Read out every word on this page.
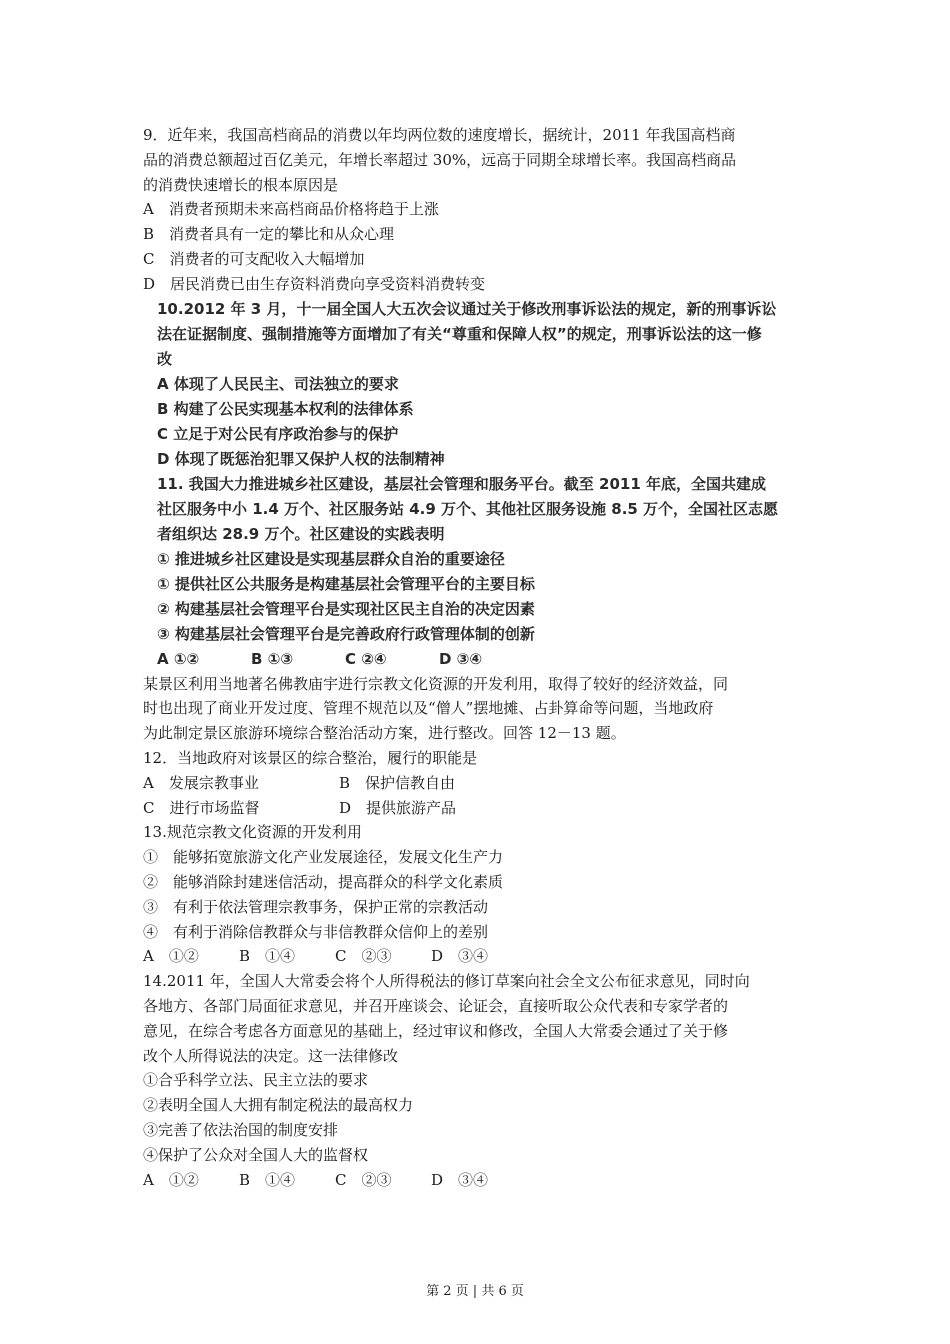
9．近年来，我国高档商品的消费以年均两位数的速度增长，据统计，2011 年我国高档商
品的消费总额超过百亿美元，年增长率超过 30%，远高于同期全球增长率。我国高档商品
的消费快速增长的根本原因是
A　消费者预期未来高档商品价格将趋于上涨
B　消费者具有一定的攀比和从众心理
C　消费者的可支配收入大幅增加
D　居民消费已由生存资料消费向享受资料消费转变
10.2012 年 3 月，十一届全国人大五次会议通过关于修改刑事诉讼法的规定，新的刑事诉讼
法在证据制度、强制措施等方面增加了有关“尊重和保障人权”的规定，刑事诉讼法的这一修
改
A 体现了人民民主、司法独立的要求
B 构建了公民实现基本权利的法律体系
C 立足于对公民有序政治参与的保护
D 体现了既惩治犯罪又保护人权的法制精神
11. 我国大力推进城乡社区建设，基层社会管理和服务平台。截至 2011 年底，全国共建成
社区服务中小 1.4 万个、社区服务站 4.9 万个、其他社区服务设施 8.5 万个，全国社区志愿
者组织达 28.9 万个。社区建设的实践表明
① 推进城乡社区建设是实现基层群众自治的重要途径
① 提供社区公共服务是构建基层社会管理平台的主要目标
② 构建基层社会管理平台是实现社区民主自治的决定因素
③ 构建基层社会管理平台是完善政府行政管理体制的创新
A ①②	B ①③	C ②④	D ③④
某景区利用当地著名佛教庙宇进行宗教文化资源的开发利用，取得了较好的经济效益，同
时也出现了商业开发过度、管理不规范以及“僧人”摆地摊、占卦算命等问题，当地政府
为此制定景区旅游环境综合整治活动方案，进行整改。回答 12－13 题。
12．当地政府对该景区的综合整治，履行的职能是
A　发展宗教事业	B　保护信教自由
C　进行市场监督	D　提供旅游产品
13.规范宗教文化资源的开发利用
①　能够拓宽旅游文化产业发展途径，发展文化生产力
②　能够消除封建迷信活动，提高群众的科学文化素质
③　有利于依法管理宗教事务，保护正常的宗教活动
④　有利于消除信教群众与非信教群众信仰上的差别
A　①②	B　①④	C　②③	D　③④
14.2011 年，全国人大常委会将个人所得税法的修订草案向社会全文公布征求意见，同时向
各地方、各部门局面征求意见，并召开座谈会、论证会，直接听取公众代表和专家学者的
意见，在综合考虑各方面意见的基础上，经过审议和修改，全国人大常委会通过了关于修
改个人所得说法的决定。这一法律修改
①合乎科学立法、民主立法的要求
②表明全国人大拥有制定税法的最高权力
③完善了依法治国的制度安排
④保护了公众对全国人大的监督权
A　①②	B　①④	C　②③	D　③④
第 2 页 | 共 6 页
